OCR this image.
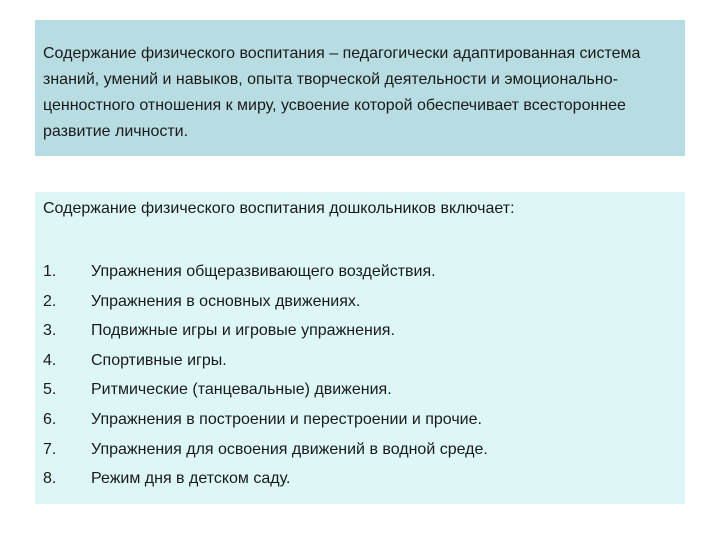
Содержание физического воспитания – педагогически адаптированная система знаний, умений и навыков, опыта творческой деятельности и эмоционально-ценностного отношения к миру, усвоение которой обеспечивает всестороннее развитие личности.

Содержание физического воспитания дошкольников включает:

1. Упражнения общеразвивающего воздействия.
2. Упражнения в основных движениях.
3. Подвижные игры и игровые упражнения.
4. Спортивные игры.
5. Ритмические (танцевальные) движения.
6. Упражнения в построении и перестроении и прочие.
7. Упражнения для освоения движений в водной среде.
8. Режим дня в детском саду.
